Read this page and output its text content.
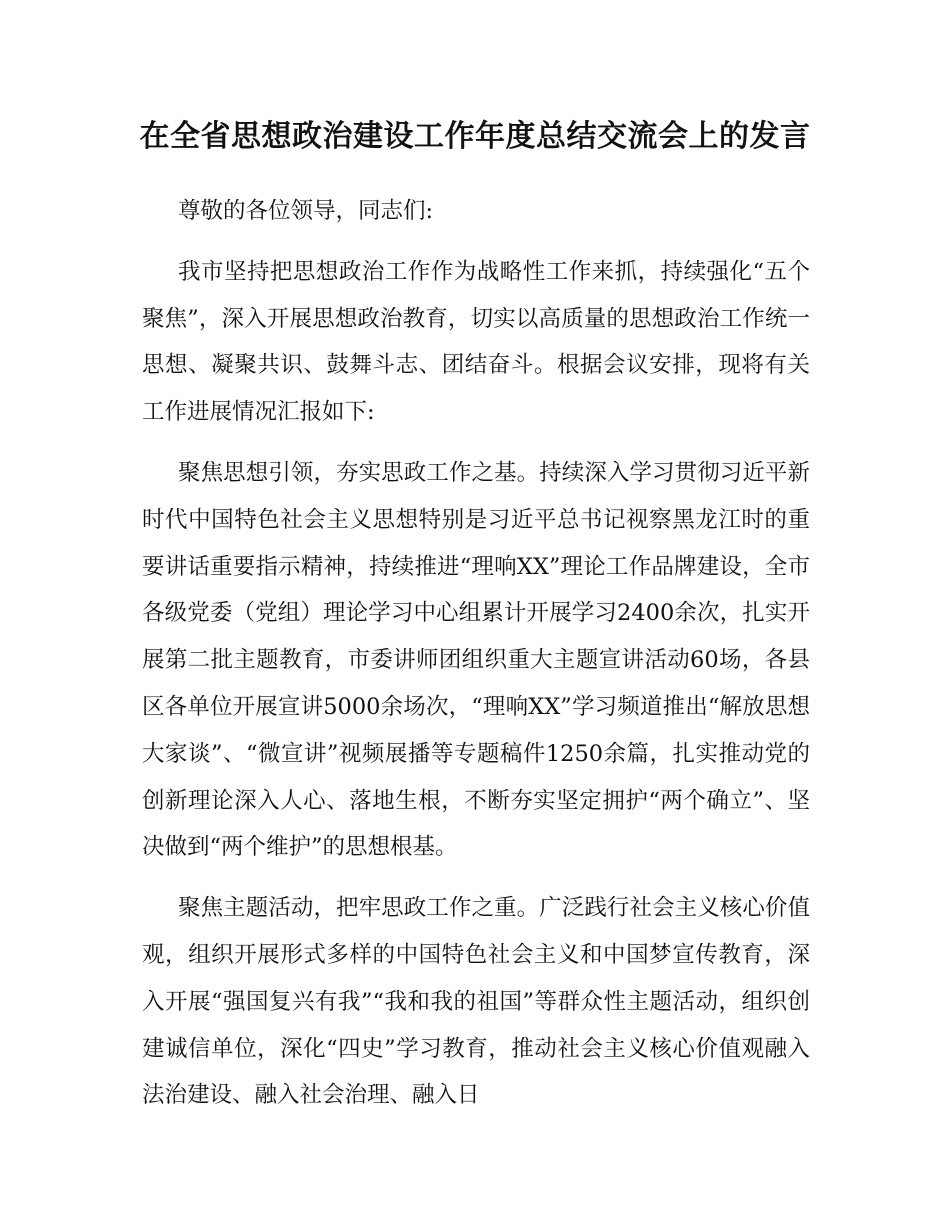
在全省思想政治建设工作年度总结交流会上的发言

尊敬的各位领导，同志们:

我市坚持把思想政治工作作为战略性工作来抓，持续强化“五个聚焦”，深入开展思想政治教育，切实以高质量的思想政治工作统一思想、凝聚共识、鼓舞斗志、团结奋斗。根据会议安排，现将有关工作进展情况汇报如下:

聚焦思想引领，夯实思政工作之基。持续深入学习贯彻习近平新时代中国特色社会主义思想特别是习近平总书记视察黑龙江时的重要讲话重要指示精神，持续推进“理响XX”理论工作品牌建设，全市各级党委（党组）理论学习中心组累计开展学习2400余次，扎实开展第二批主题教育，市委讲师团组织重大主题宣讲活动60场，各县区各单位开展宣讲5000余场次，“理响XX”学习频道推出“解放思想大家谈”、“微宣讲”视频展播等专题稿件1250余篇，扎实推动党的创新理论深入人心、落地生根，不断夯实坚定拥护“两个确立”、坚决做到“两个维护”的思想根基。

聚焦主题活动，把牢思政工作之重。广泛践行社会主义核心价值观，组织开展形式多样的中国特色社会主义和中国梦宣传教育，深入开展“强国复兴有我”“我和我的祖国”等群众性主题活动，组织创建诚信单位，深化“四史”学习教育，推动社会主义核心价值观融入法治建设、融入社会治理、融入日
